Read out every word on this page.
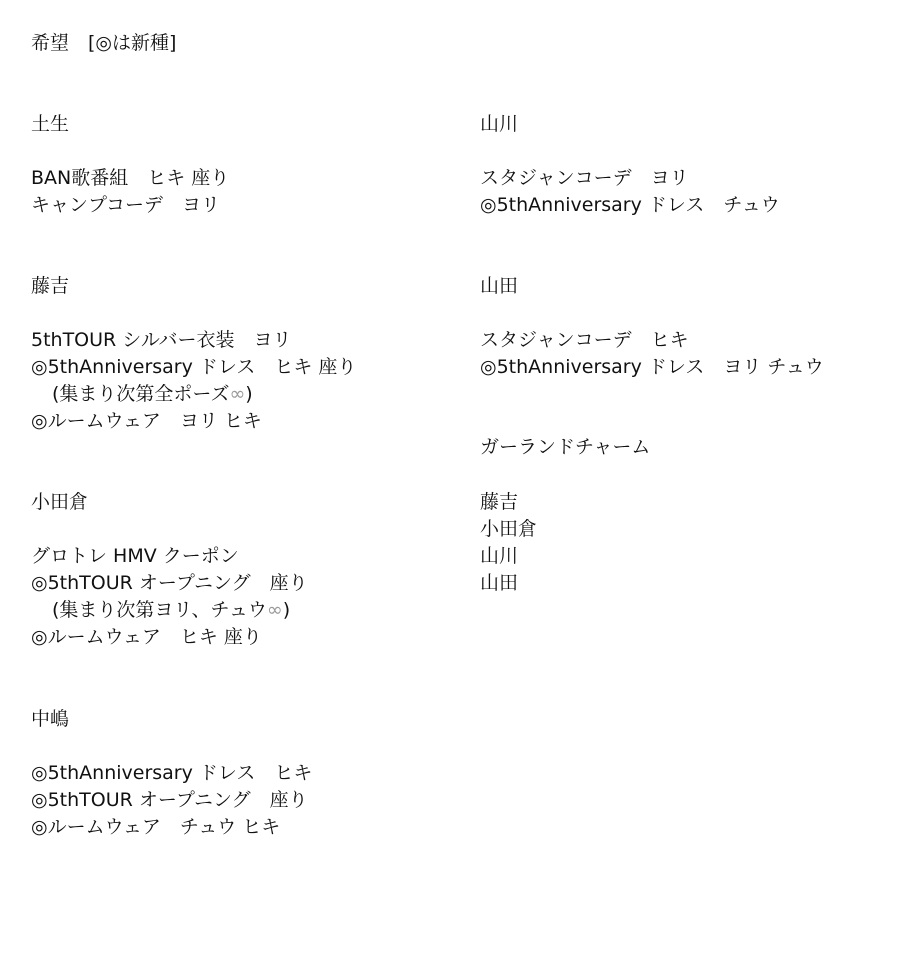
希望　[◎は新種]
土生
BAN歌番組　ヒキ 座り
キャンプコーデ　ヨリ
藤吉
5thTOUR シルバー衣装　ヨリ
◎5thAnniversary ドレス　ヒキ 座り
(集まり次第全ポーズ∞)
◎ルームウェア　ヨリ ヒキ
小田倉
グロトレ HMV クーポン
◎5thTOUR オープニング　座り
(集まり次第ヨリ、チュウ∞)
◎ルームウェア　ヒキ 座り
中嶋
◎5thAnniversary ドレス　ヒキ
◎5thTOUR オープニング　座り
◎ルームウェア　チュウ ヒキ
山川
スタジャンコーデ　ヨリ
◎5thAnniversary ドレス　チュウ
山田
スタジャンコーデ　ヒキ
◎5thAnniversary ドレス　ヨリ チュウ
ガーランドチャーム
藤吉
小田倉
山川
山田
